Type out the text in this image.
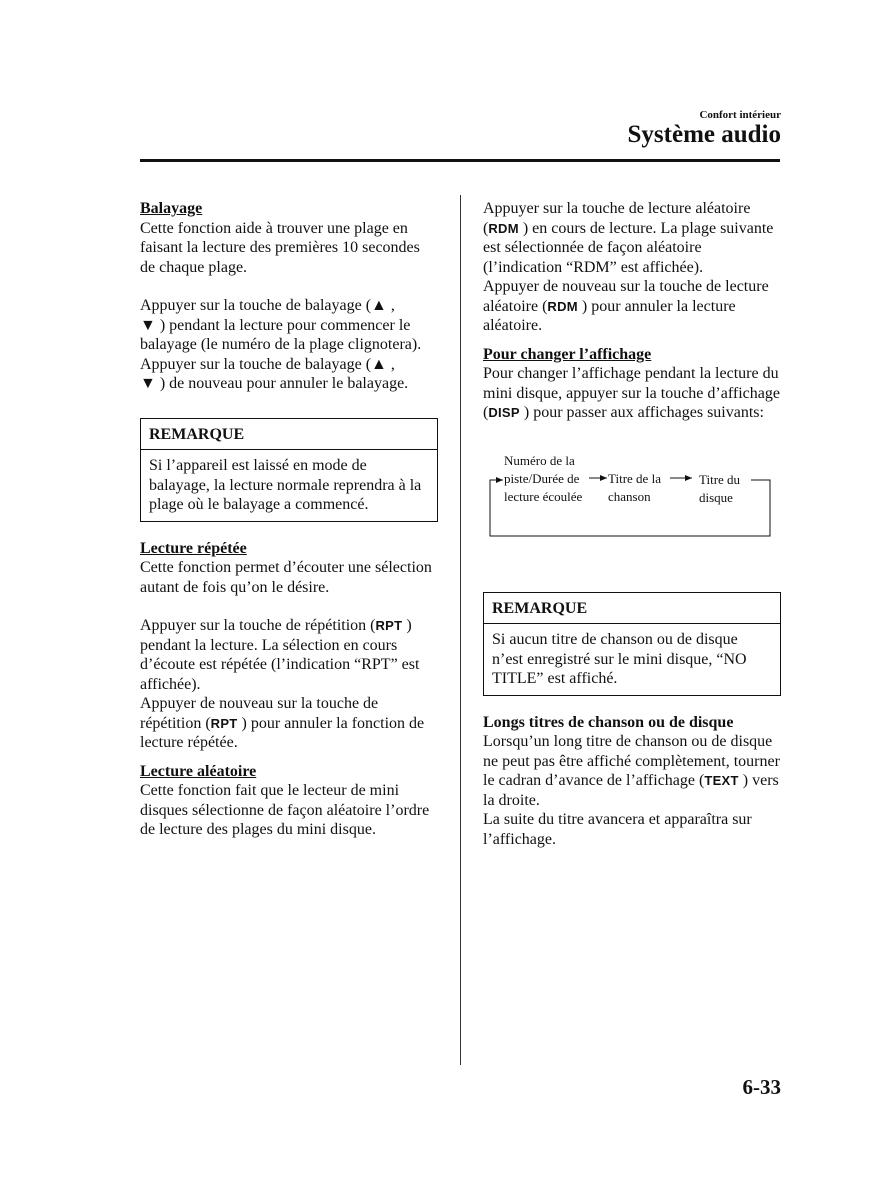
Confort intérieur
Système audio

Balayage

Cette fonction aide à trouver une plage en faisant la lecture des premières 10 secondes de chaque plage.

Appuyer sur la touche de balayage (▲ ,
▼ ) pendant la lecture pour commencer le balayage (le numéro de la plage clignotera).

Appuyer sur la touche de balayage (▲ ,
▼ ) de nouveau pour annuler le balayage.

REMARQUE
Si l’appareil est laissé en mode de balayage, la lecture normale reprendra à la plage où le balayage a commencé.

Lecture répétée

Cette fonction permet d’écouter une sélection autant de fois qu’on le désire.

Appuyer sur la touche de répétition (RPT ) pendant la lecture. La sélection en cours d’écoute est répétée (l’indication “RPT” est affichée).

Appuyer de nouveau sur la touche de répétition (RPT ) pour annuler la fonction de lecture répétée.

Lecture aléatoire

Cette fonction fait que le lecteur de mini disques sélectionne de façon aléatoire l’ordre de lecture des plages du mini disque.

Appuyer sur la touche de lecture aléatoire (RDM ) en cours de lecture. La plage suivante est sélectionnée de façon aléatoire (l’indication “RDM” est affichée).

Appuyer de nouveau sur la touche de lecture aléatoire (RDM ) pour annuler la lecture aléatoire.

Pour changer l’affichage

Pour changer l’affichage pendant la lecture du mini disque, appuyer sur la touche d’affichage (DISP ) pour passer aux affichages suivants:

Numéro de la
piste/Durée de
lecture écoulée
Titre de la
chanson
Titre du
disque
REMARQUE
Si aucun titre de chanson ou de disque n’est enregistré sur le mini disque, “NO TITLE” est affiché.

Longs titres de chanson ou de disque

Lorsqu’un long titre de chanson ou de disque ne peut pas être affiché complètement, tourner le cadran d’avance de l’affichage (TEXT ) vers la droite.

La suite du titre avancera et apparaîtra sur l’affichage.

6-33
